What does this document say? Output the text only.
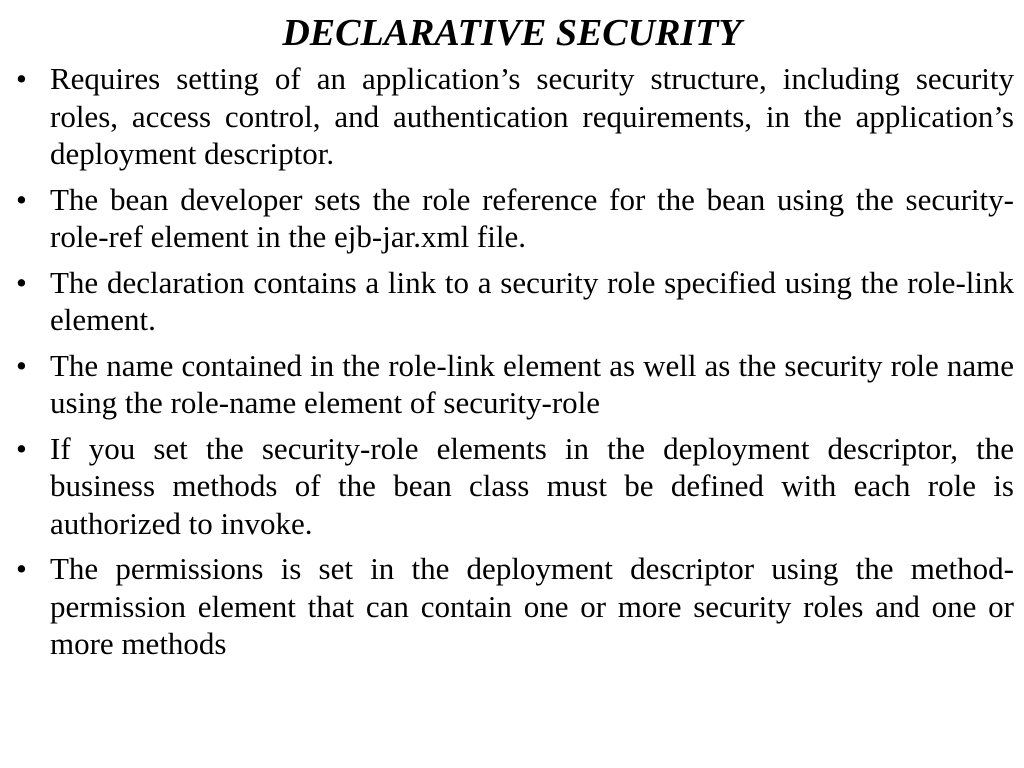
DECLARATIVE SECURITY
• Requires setting of an application’s security structure, including security roles, access control, and authentication requirements, in the application’s deployment descriptor.
• The bean developer sets the role reference for the bean using the security-role-ref element in the ejb-jar.xml file.
• The declaration contains a link to a security role specified using the role-link element.
• The name contained in the role-link element as well as the security role name using the role-name element of security-role
• If you set the security-role elements in the deployment descriptor, the business methods of the bean class must be defined with each role is authorized to invoke.
• The permissions is set in the deployment descriptor using the method-permission element that can contain one or more security roles and one or more methods
